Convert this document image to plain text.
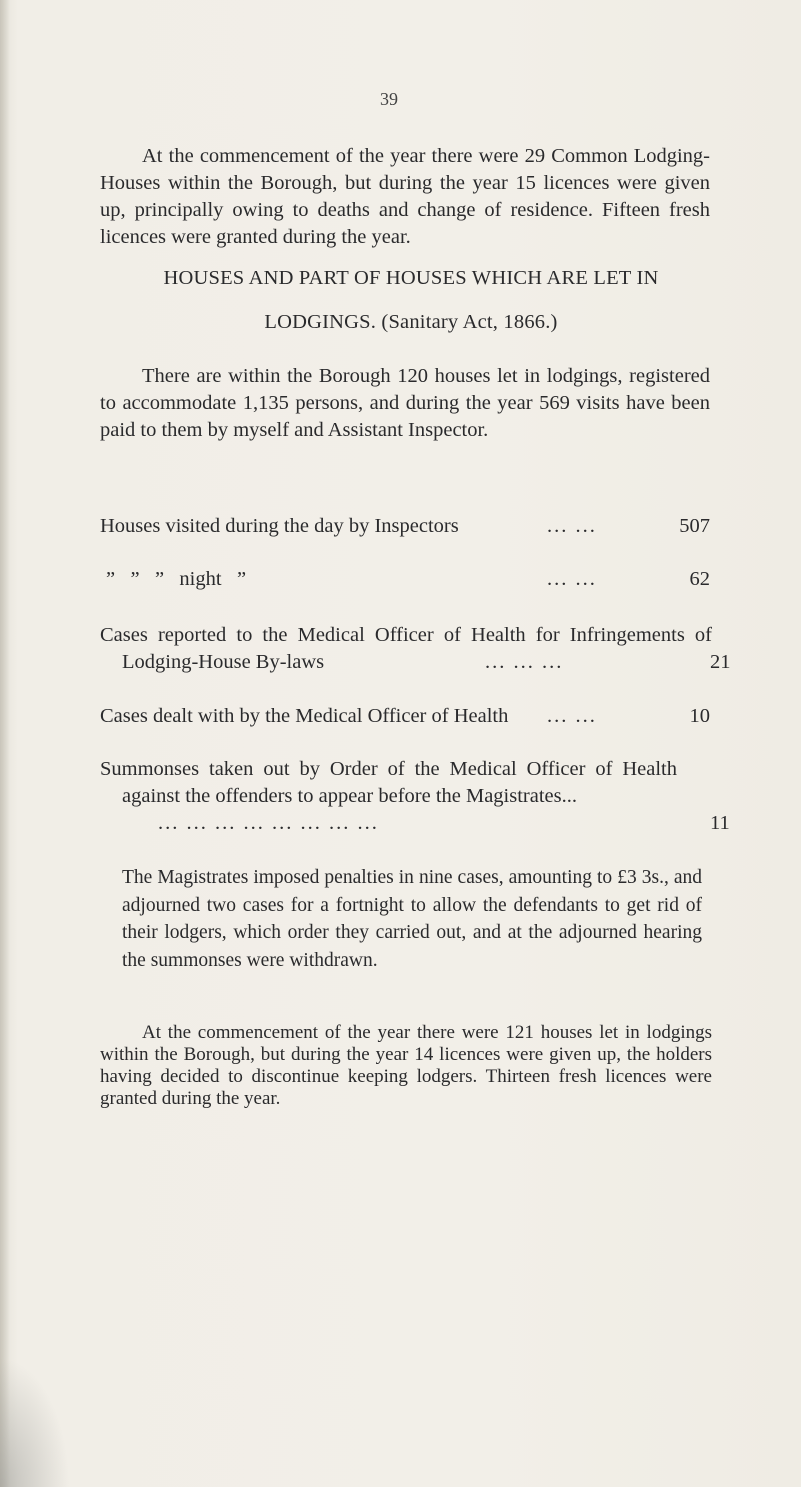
39

At the commencement of the year there were 29 Common Lodging-Houses within the Borough, but during the year 15 licences were given up, principally owing to deaths and change of residence. Fifteen fresh licences were granted during the year.

HOUSES AND PART OF HOUSES WHICH ARE LET IN
LODGINGS. (Sanitary Act, 1866.)

There are within the Borough 120 houses let in lodgings, registered to accommodate 1,135 persons, and during the year 569 visits have been paid to them by myself and Assistant Inspector.

Houses visited during the day by Inspectors	... ...	507
”   ”   ”   night   ”	... ...	62
Cases reported to the Medical Officer of Health for Infringements of Lodging-House By-laws	... ... ...	21
Cases dealt with by the Medical Officer of Health ... ...	10
Summonses taken out by Order of the Medical Officer of Health against the offenders to appear before the Magistrates...
... ... ... ... ... ... ... ...	11

The Magistrates imposed penalties in nine cases, amounting to £3 3s., and adjourned two cases for a fortnight to allow the defendants to get rid of their lodgers, which order they carried out, and at the adjourned hearing the summonses were withdrawn.

At the commencement of the year there were 121 houses let in lodgings within the Borough, but during the year 14 licences were given up, the holders having decided to discontinue keeping lodgers. Thirteen fresh licences were granted during the year.
